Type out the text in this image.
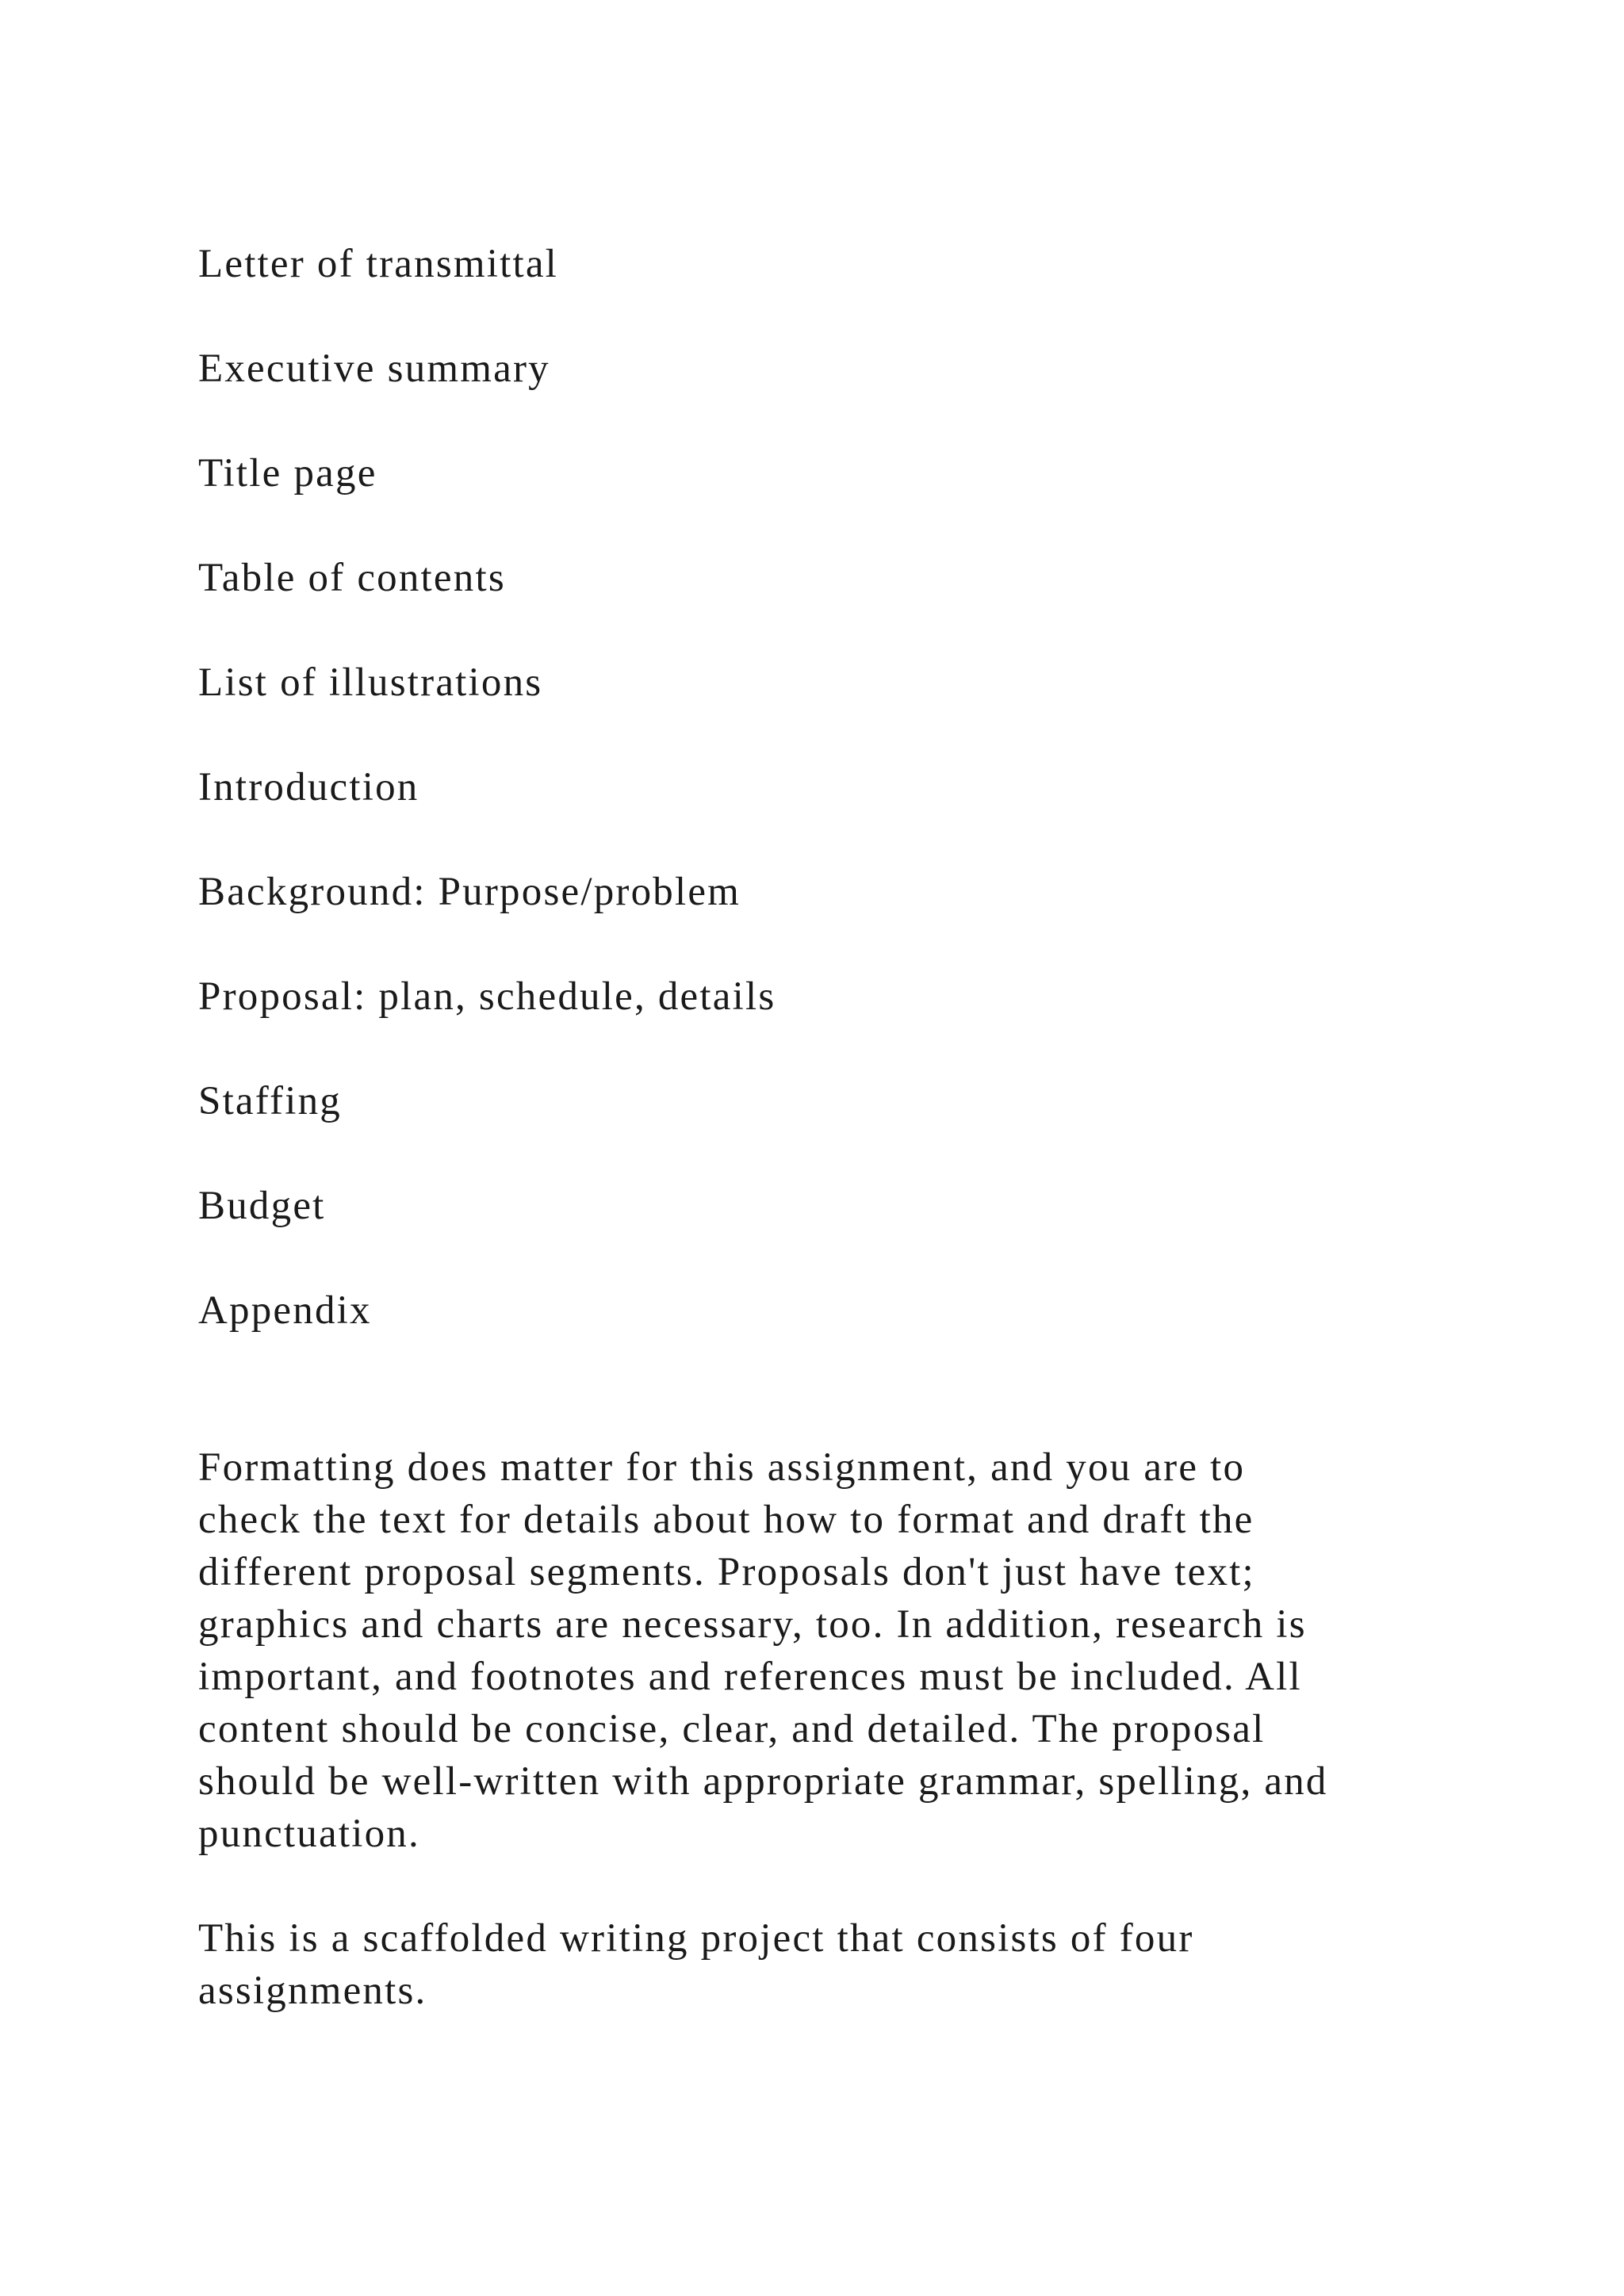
Letter of transmittal
Executive summary
Title page
Table of contents
List of illustrations
Introduction
Background: Purpose/problem
Proposal: plan, schedule, details
Staffing
Budget
Appendix

Formatting does matter for this assignment, and you are to
check the text for details about how to format and draft the
different proposal segments. Proposals don't just have text;
graphics and charts are necessary, too. In addition, research is
important, and footnotes and references must be included. All
content should be concise, clear, and detailed. The proposal
should be well-written with appropriate grammar, spelling, and
punctuation.

This is a scaffolded writing project that consists of four
assignments.
